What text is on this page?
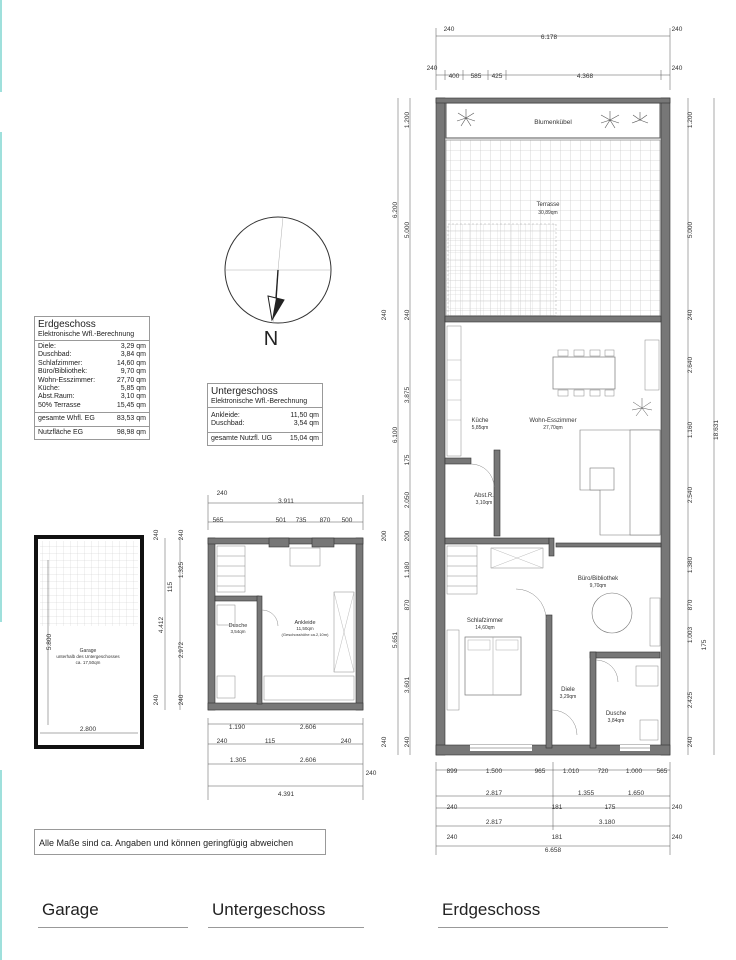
Blumenkübel
Terrasse
30,89qm
Küche
5,85qm
Wohn-Esszimmer
27,70qm
Abst.R.
3,10qm
Büro/Bibliothek
9,70qm
Schlafzimmer
14,60qm
Diele
3,29qm
Dusche
3,84qm
240
6.178
240
240
400 585 425	4.368
240
1.200
6.200
5.000
240 240
3.875
6.100
175
2.050
200 200
1.180
870
5.651
3.601
240 240
1.200
5.000
240
2.640
1.160
2.540
1.380
870
1.003
2.425
240
18.631
175
899	1.500	965	1.010	720	1.000 565
2.817	1.355	1.650
240	181	175	240
2.817	3.180
240	181	240
6.658
N
Dusche
3,54qm
Ankleide
11,50qm
(Geschosshöhe ca.2,10m)
240
3.911
565	501 735 870 500
240	240
1.325
115
4.412
2.972
240	240
1.190	2.606
240	115	240
1.305	2.606
240
4.391
Garage
unterhalb des Untergeschosses
ca. 17,50qm
5.800
2.800
Erdgeschoss
Elektronische Wfl.-Berechnung
Diele:	3,29 qm
Duschbad:	3,84 qm
Schlafzimmer:	14,60 qm
Büro/Bibliothek:	9,70 qm
Wohn-Esszimmer:	27,70 qm
Küche:	5,85 qm
Abst.Raum:	3,10 qm
50% Terrasse	15,45 qm
gesamte Whfl. EG	83,53 qm
Nutzfläche EG	98,98 qm
Untergeschoss
Elektronische Wfl.-Berechnung
Ankleide:	11,50 qm
Duschbad:	3,54 qm
gesamte Nutzfl. UG	15,04 qm
Alle Maße sind ca. Angaben und können geringfügig abweichen
Garage	Untergeschoss	Erdgeschoss
